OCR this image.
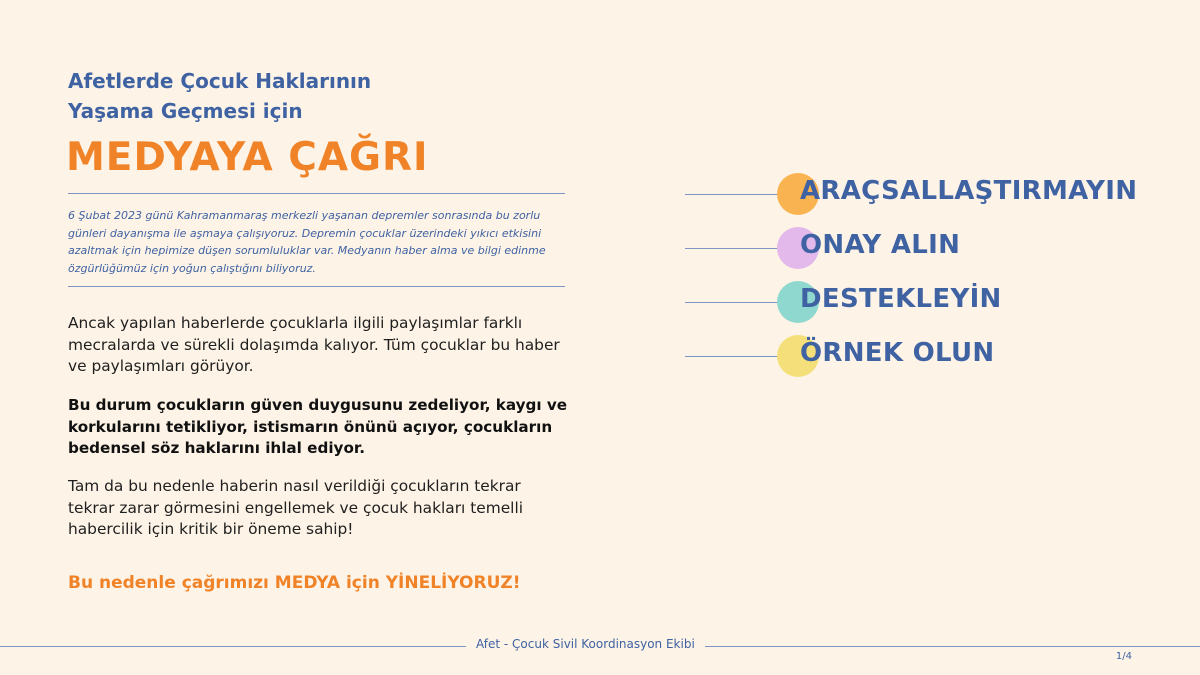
Afetlerde Çocuk Haklarının
Yaşama Geçmesi için
MEDYAYA ÇAĞRI
6 Şubat 2023 günü Kahramanmaraş merkezli yaşanan depremler sonrasında bu zorlu günleri dayanışma ile aşmaya çalışıyoruz. Depremin çocuklar üzerindeki yıkıcı etkisini azaltmak için hepimize düşen sorumluluklar var. Medyanın haber alma ve bilgi edinme özgürlüğümüz için yoğun çalıştığını biliyoruz.
Ancak yapılan haberlerde çocuklarla ilgili paylaşımlar farklı mecralarda ve sürekli dolaşımda kalıyor. Tüm çocuklar bu haber ve paylaşımları görüyor.
Bu durum çocukların güven duygusunu zedeliyor, kaygı ve korkularını tetikliyor, istismarın önünü açıyor, çocukların bedensel söz haklarını ihlal ediyor.
Tam da bu nedenle haberin nasıl verildiği çocukların tekrar tekrar zarar görmesini engellemek ve çocuk hakları temelli habercilik için kritik bir öneme sahip!
Bu nedenle çağrımızı MEDYA için YİNELİYORUZ!
ARAÇSALLAŞTIRMAYIN
ONAY ALIN
DESTEKLEYİN
ÖRNEK OLUN
Afet - Çocuk Sivil Koordinasyon Ekibi
1/4
